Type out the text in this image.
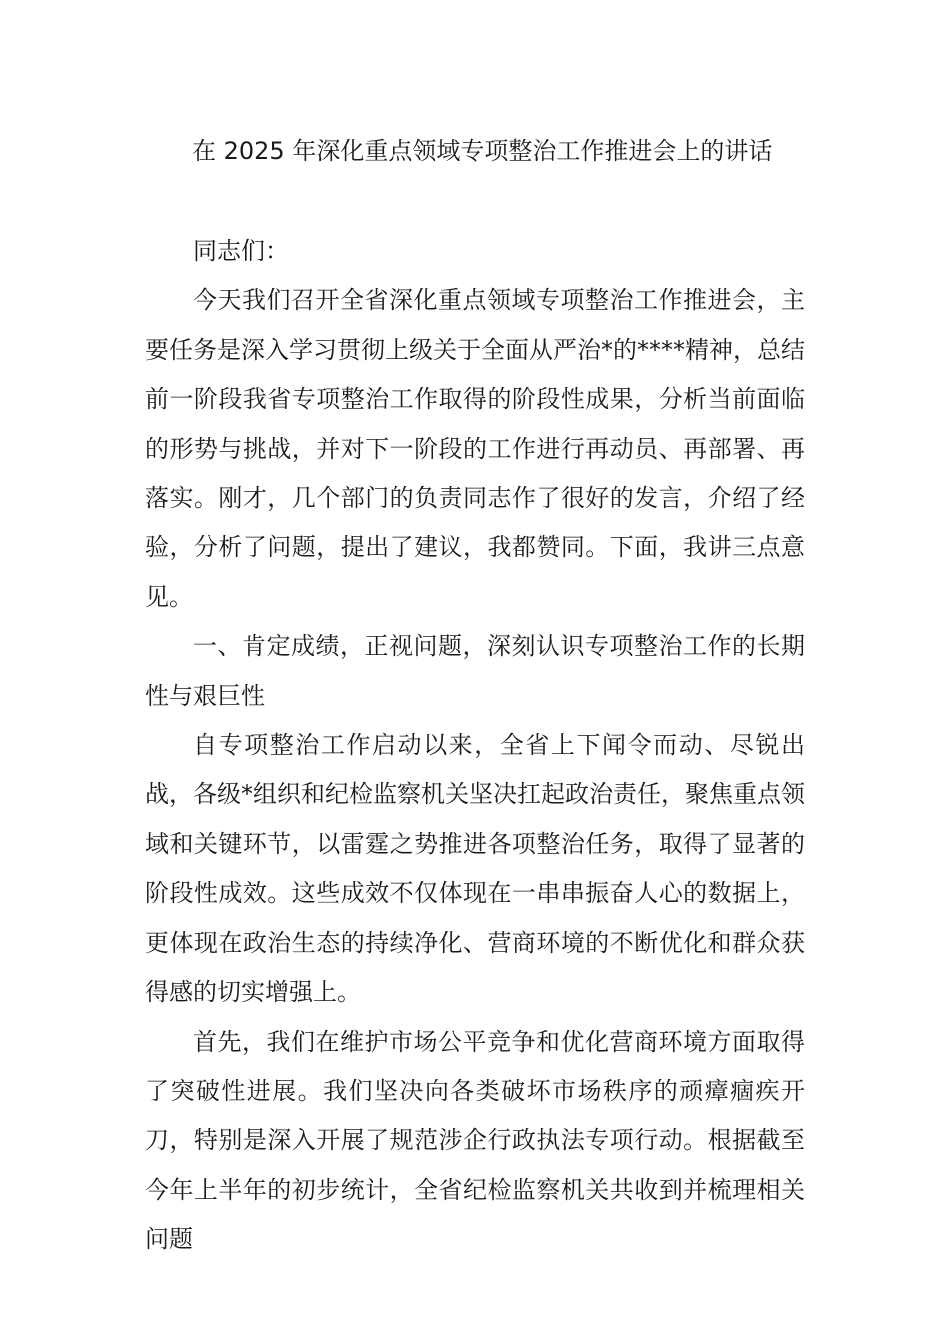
在 2025 年深化重点领域专项整治工作推进会上的讲话

同志们：

今天我们召开全省深化重点领域专项整治工作推进会，主要任务是深入学习贯彻上级关于全面从严治*的****精神，总结前一阶段我省专项整治工作取得的阶段性成果，分析当前面临的形势与挑战，并对下一阶段的工作进行再动员、再部署、再落实。刚才，几个部门的负责同志作了很好的发言，介绍了经验，分析了问题，提出了建议，我都赞同。下面，我讲三点意见。

一、肯定成绩，正视问题，深刻认识专项整治工作的长期性与艰巨性

自专项整治工作启动以来，全省上下闻令而动、尽锐出战，各级*组织和纪检监察机关坚决扛起政治责任，聚焦重点领域和关键环节，以雷霆之势推进各项整治任务，取得了显著的阶段性成效。这些成效不仅体现在一串串振奋人心的数据上，更体现在政治生态的持续净化、营商环境的不断优化和群众获得感的切实增强上。

首先，我们在维护市场公平竞争和优化营商环境方面取得了突破性进展。我们坚决向各类破坏市场秩序的顽瘴痼疾开刀，特别是深入开展了规范涉企行政执法专项行动。根据截至今年上半年的初步统计，全省纪检监察机关共收到并梳理相关问题
